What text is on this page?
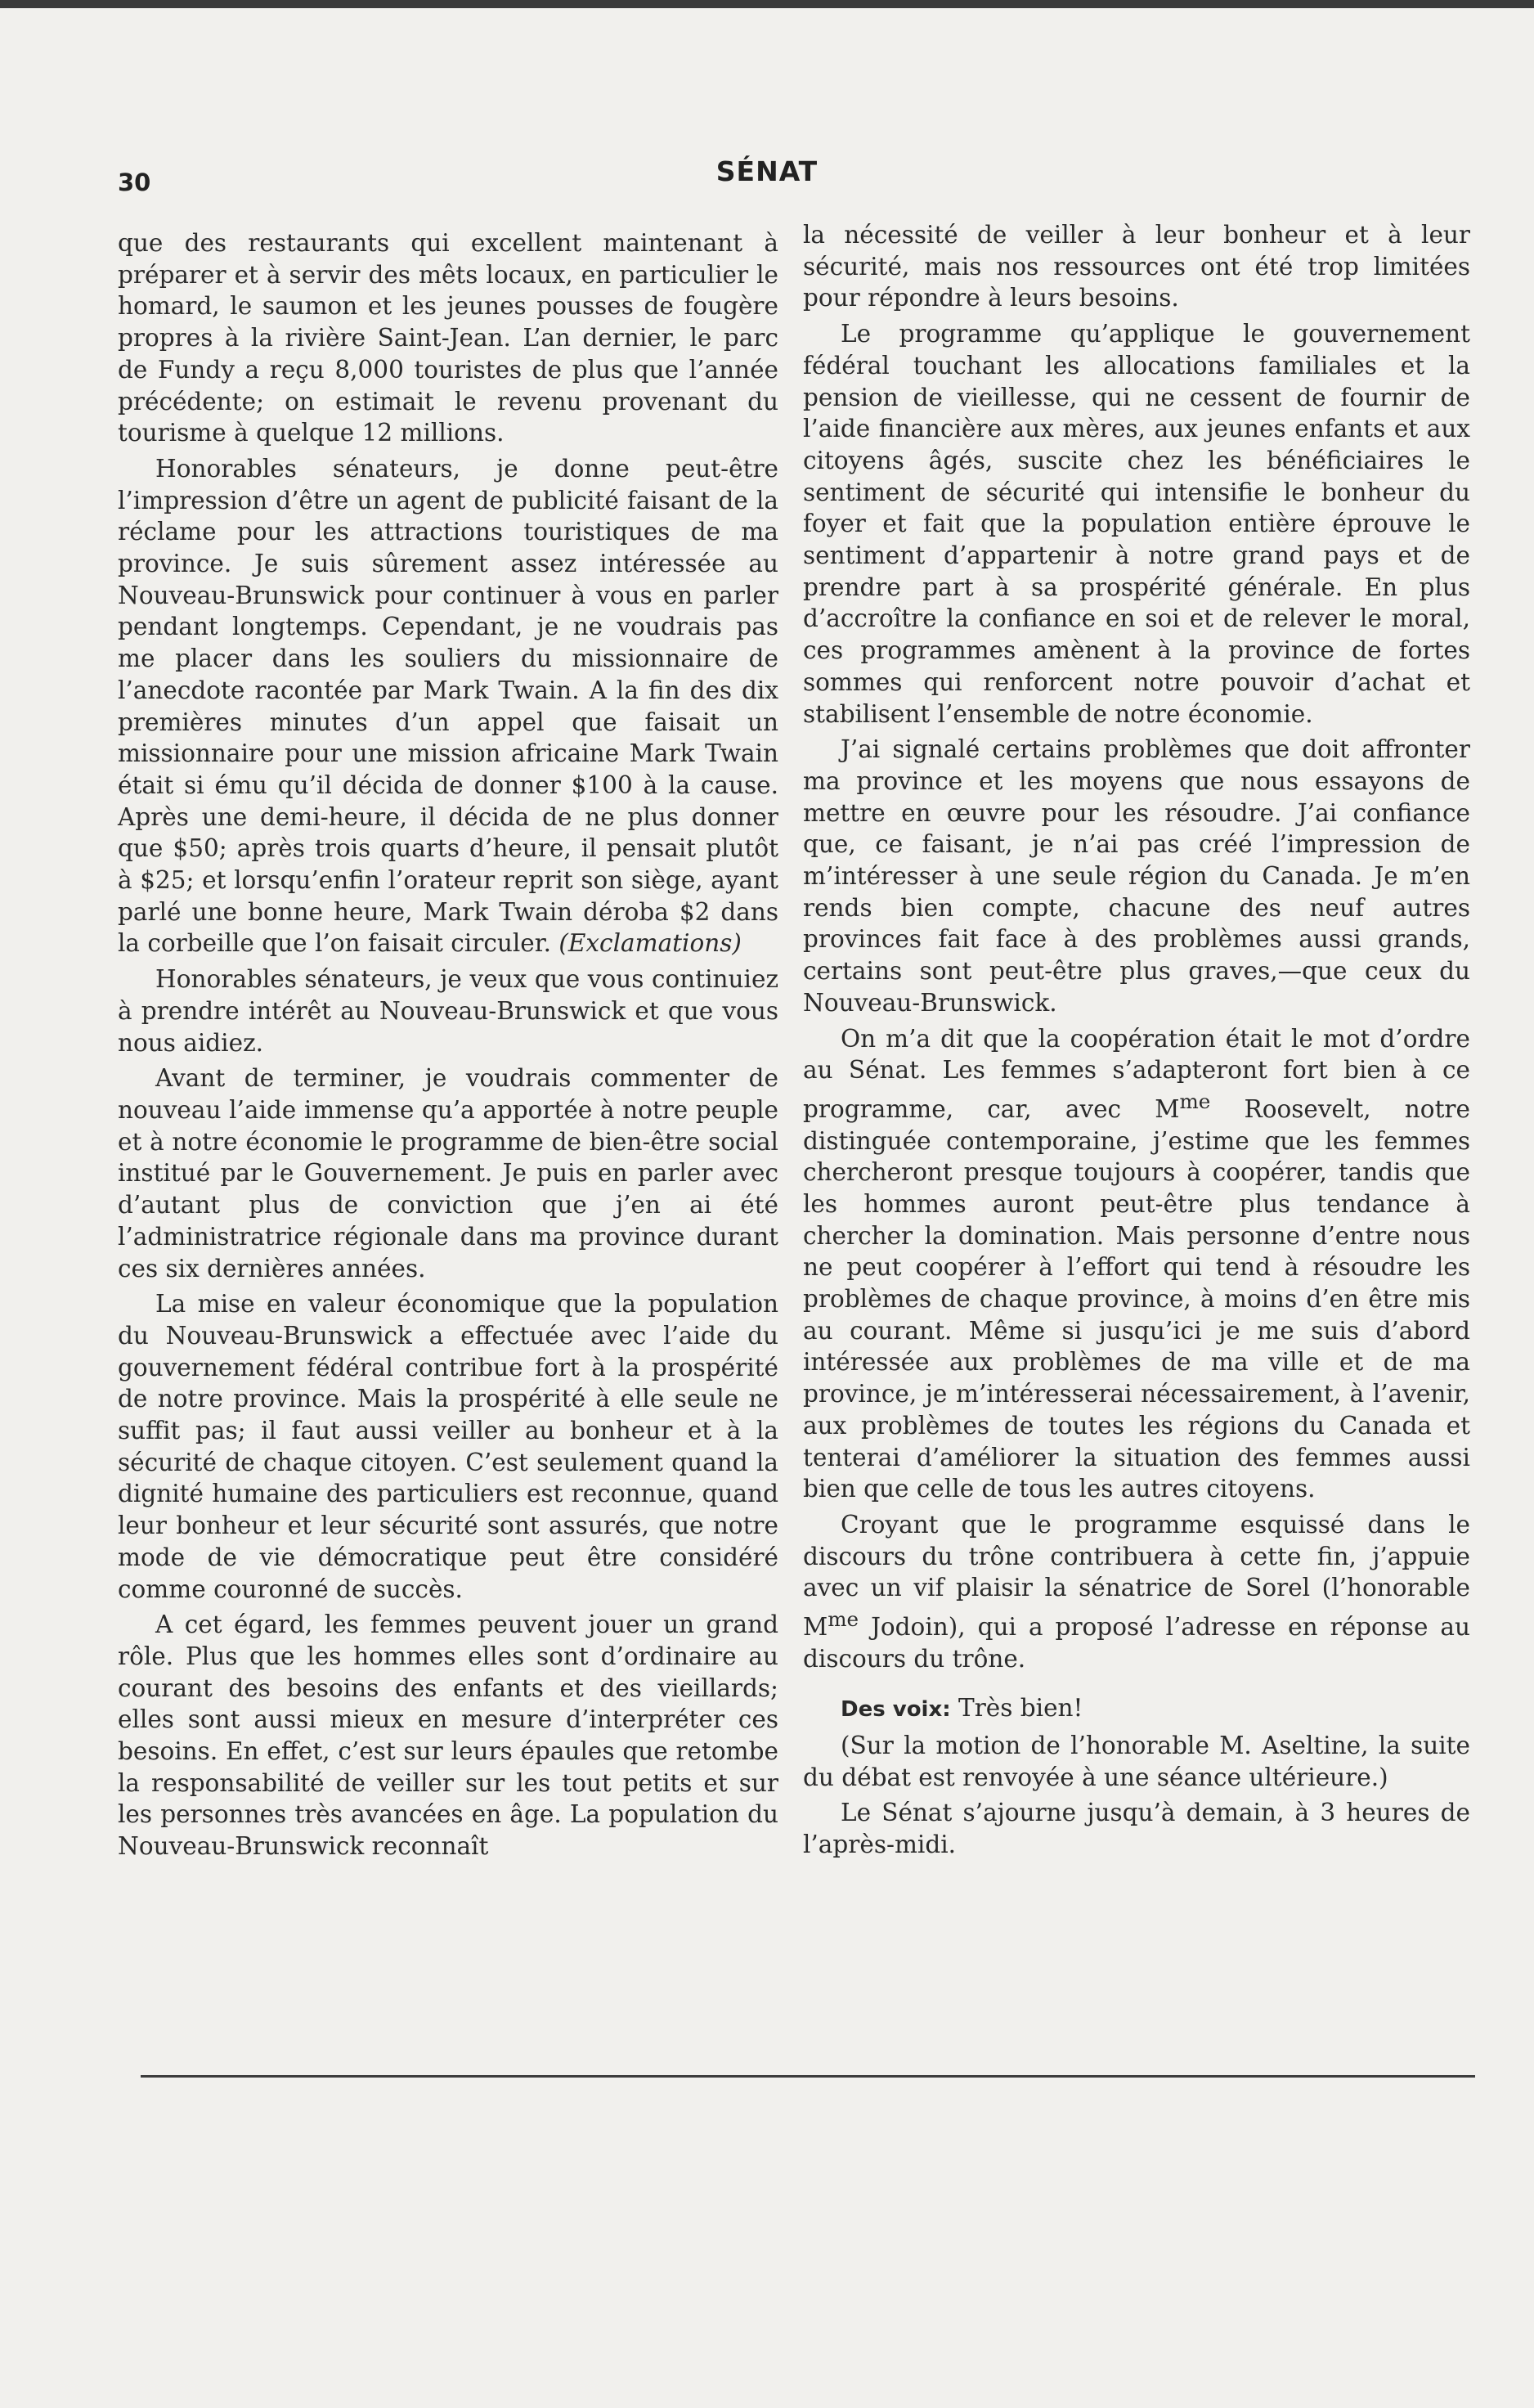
30	SÉNAT

que des restaurants qui excellent maintenant à préparer et à servir des mêts locaux, en particulier le homard, le saumon et les jeunes pousses de fougère propres à la rivière Saint-Jean. L’an dernier, le parc de Fundy a reçu 8,000 touristes de plus que l’année précédente; on estimait le revenu provenant du tourisme à quelque 12 millions.

Honorables sénateurs, je donne peut-être l’impression d’être un agent de publicité faisant de la réclame pour les attractions touristiques de ma province. Je suis sûrement assez intéressée au Nouveau-Brunswick pour continuer à vous en parler pendant longtemps. Cependant, je ne voudrais pas me placer dans les souliers du missionnaire de l’anecdote racontée par Mark Twain. A la fin des dix premières minutes d’un appel que faisait un missionnaire pour une mission africaine Mark Twain était si ému qu’il décida de donner $100 à la cause. Après une demi-heure, il décida de ne plus donner que $50; après trois quarts d’heure, il pensait plutôt à $25; et lorsqu’enfin l’orateur reprit son siège, ayant parlé une bonne heure, Mark Twain déroba $2 dans la corbeille que l’on faisait circuler. (Exclamations)

Honorables sénateurs, je veux que vous continuiez à prendre intérêt au Nouveau-Brunswick et que vous nous aidiez.

Avant de terminer, je voudrais commenter de nouveau l’aide immense qu’a apportée à notre peuple et à notre économie le programme de bien-être social institué par le Gouvernement. Je puis en parler avec d’autant plus de conviction que j’en ai été l’administratrice régionale dans ma province durant ces six dernières années.

La mise en valeur économique que la population du Nouveau-Brunswick a effectuée avec l’aide du gouvernement fédéral contribue fort à la prospérité de notre province. Mais la prospérité à elle seule ne suffit pas; il faut aussi veiller au bonheur et à la sécurité de chaque citoyen. C’est seulement quand la dignité humaine des particuliers est reconnue, quand leur bonheur et leur sécurité sont assurés, que notre mode de vie démocratique peut être considéré comme couronné de succès.

A cet égard, les femmes peuvent jouer un grand rôle. Plus que les hommes elles sont d’ordinaire au courant des besoins des enfants et des vieillards; elles sont aussi mieux en mesure d’interpréter ces besoins. En effet, c’est sur leurs épaules que retombe la responsabilité de veiller sur les tout petits et sur les personnes très avancées en âge. La population du Nouveau-Brunswick reconnaît

la nécessité de veiller à leur bonheur et à leur sécurité, mais nos ressources ont été trop limitées pour répondre à leurs besoins.

Le programme qu’applique le gouvernement fédéral touchant les allocations familiales et la pension de vieillesse, qui ne cessent de fournir de l’aide financière aux mères, aux jeunes enfants et aux citoyens âgés, suscite chez les bénéficiaires le sentiment de sécurité qui intensifie le bonheur du foyer et fait que la population entière éprouve le sentiment d’appartenir à notre grand pays et de prendre part à sa prospérité générale. En plus d’accroître la confiance en soi et de relever le moral, ces programmes amènent à la province de fortes sommes qui renforcent notre pouvoir d’achat et stabilisent l’ensemble de notre économie.

J’ai signalé certains problèmes que doit affronter ma province et les moyens que nous essayons de mettre en œuvre pour les résoudre. J’ai confiance que, ce faisant, je n’ai pas créé l’impression de m’intéresser à une seule région du Canada. Je m’en rends bien compte, chacune des neuf autres provinces fait face à des problèmes aussi grands, certains sont peut-être plus graves,—que ceux du Nouveau-Brunswick.

On m’a dit que la coopération était le mot d’ordre au Sénat. Les femmes s’adapteront fort bien à ce programme, car, avec $M^{me}$ Roosevelt, notre distinguée contemporaine, j’estime que les femmes chercheront presque toujours à coopérer, tandis que les hommes auront peut-être plus tendance à chercher la domination. Mais personne d’entre nous ne peut coopérer à l’effort qui tend à résoudre les problèmes de chaque province, à moins d’en être mis au courant. Même si jusqu’ici je me suis d’abord intéressée aux problèmes de ma ville et de ma province, je m’intéresserai nécessairement, à l’avenir, aux problèmes de toutes les régions du Canada et tenterai d’améliorer la situation des femmes aussi bien que celle de tous les autres citoyens.

Croyant que le programme esquissé dans le discours du trône contribuera à cette fin, j’appuie avec un vif plaisir la sénatrice de Sorel (l’honorable $M^{me}$ Jodoin), qui a proposé l’adresse en réponse au discours du trône.

Des voix: Très bien!

(Sur la motion de l’honorable M. Aseltine, la suite du débat est renvoyée à une séance ultérieure.)

Le Sénat s’ajourne jusqu’à demain, à 3 heures de l’après-midi.
